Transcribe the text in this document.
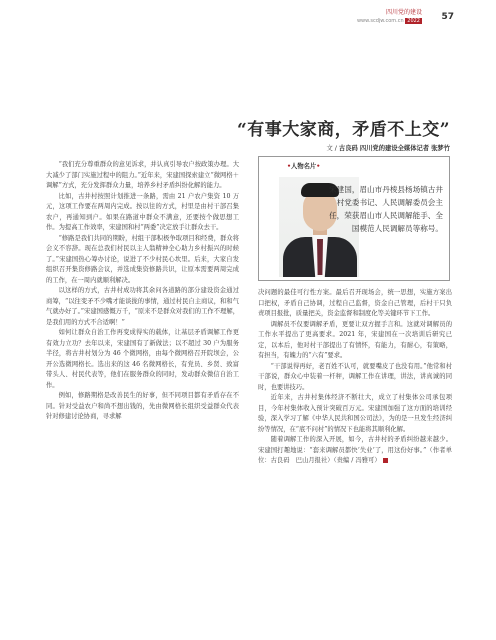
四川党的建设
www.scdjw.com.cn 2022 57
“有事大家商，矛盾不上交”
文 / 古良码 四川党的建设全媒体记者 张梦竹

“我们充分尊重群众的意见诉求，并认真引导农户按政策办理。大大减少了部门实施过程中的阻力。”近年来，宋建国探索建立“微网格＋调解”方式，充分发挥群众力量，培养乡村矛盾纠纷化解的能力。

比如，古井村按照计划推进一条路，需由 21 户农户集资 10 万元，这项工作要在两周内完成。按以往的方式，村里是由村干部召集农户，再通知到户。如果在路道中群众不满意，还要按个做思想工作。为提高工作效率，宋建国和村“两委”决定放手让群众去干。

“修路是我们共同的期盼，村组干部积极争取项目和经费，群众将会义不容辞。现在总我们村民以主人翁精神全心助力乡村振兴的时候了。”宋建国热心筹办讨论，说进了不少村民心坎里。后来，大家自发组织召开集资修路会议，并选成集资修路共识，让原本需要两周完成的工作，在一周内就顺利解决。

以这样的方式，古井村成功将其余问各道路的部分建设资金通过商筹，“以往变矛不少嘴才能谈拢的事情，通过村民自主商议，和和气气就办好了。”宋建国感慨万千，“原来不是群众对我们的工作不理解，是我们用的方式不合适啊！”

如何让群众自治工作再变成得实的载体，让基层矛盾调解工作更有效力立功？去年以来，宋建国有了新做法；以不超过 30 户为服务半径，将古井村划分为 46 个微网格，由每个微网格召开院坝会，公开公选微网格长。选出来的这 46 名微网格长，有党员、乡贤、致富带头人、村民代表等，他们在服务群众的同时，发动群众微信自治工作。

例如，修路期格是改善民生的好事，但不同项目都有矛盾存在不同。针对受益农户和尚不想出钱的，先由微网格长组织受益群众代表针对修建讨论协商，寻求解

•人物名片•
宋建国，眉山市丹棱县杨场镇古井村党委书记、人民调解委员会主任，荣获眉山市人民调解能手、全国模范人民调解员等称号。

决问题的最佳可行性方案。最后召开现场会，统一思想，实施方案出口把权，矛盾自己协调，过程自己监督，资金自己管理，后村干只负责项目报批，质量把关，资金监督和制度化等关键环节下工作。

调解员不仅要调解矛盾，更要让双方握手言和。这就对调解员的工作水平提出了更高要求。2021 年，宋建国在一次培训后研究已定，以本后，他对村干部提出了有情怀，有能力，有耐心，有策略，有担当，有魄力的“六有”要求。

“干部说得再好，老百姓不认可，就要嘴皮了也没有用。”他常和村干部说，群众心中装着一杆秤，调解工作在讲理，讲法，讲真诚的同时，也要讲技巧。

近年来，古井村集体经济不断壮大，成立了村集体公司承包项目，今年村集体收入预计突破百万元。宋建国加强了这方面的培训经验，深入学习了解《中华人民共和国公司法》，为的是一旦发生经济纠纷等情况，在“底不问村”的情况下也能将其顺利化解。

随着调解工作的深入开展，如今，古井村的矛盾纠纷越来越少。宋建国打趣地说：“套来调解员都快‘失业’了，用这份好事。”（作者单位：古良码　巴山月报社）（贵编 / 冯雅可）
